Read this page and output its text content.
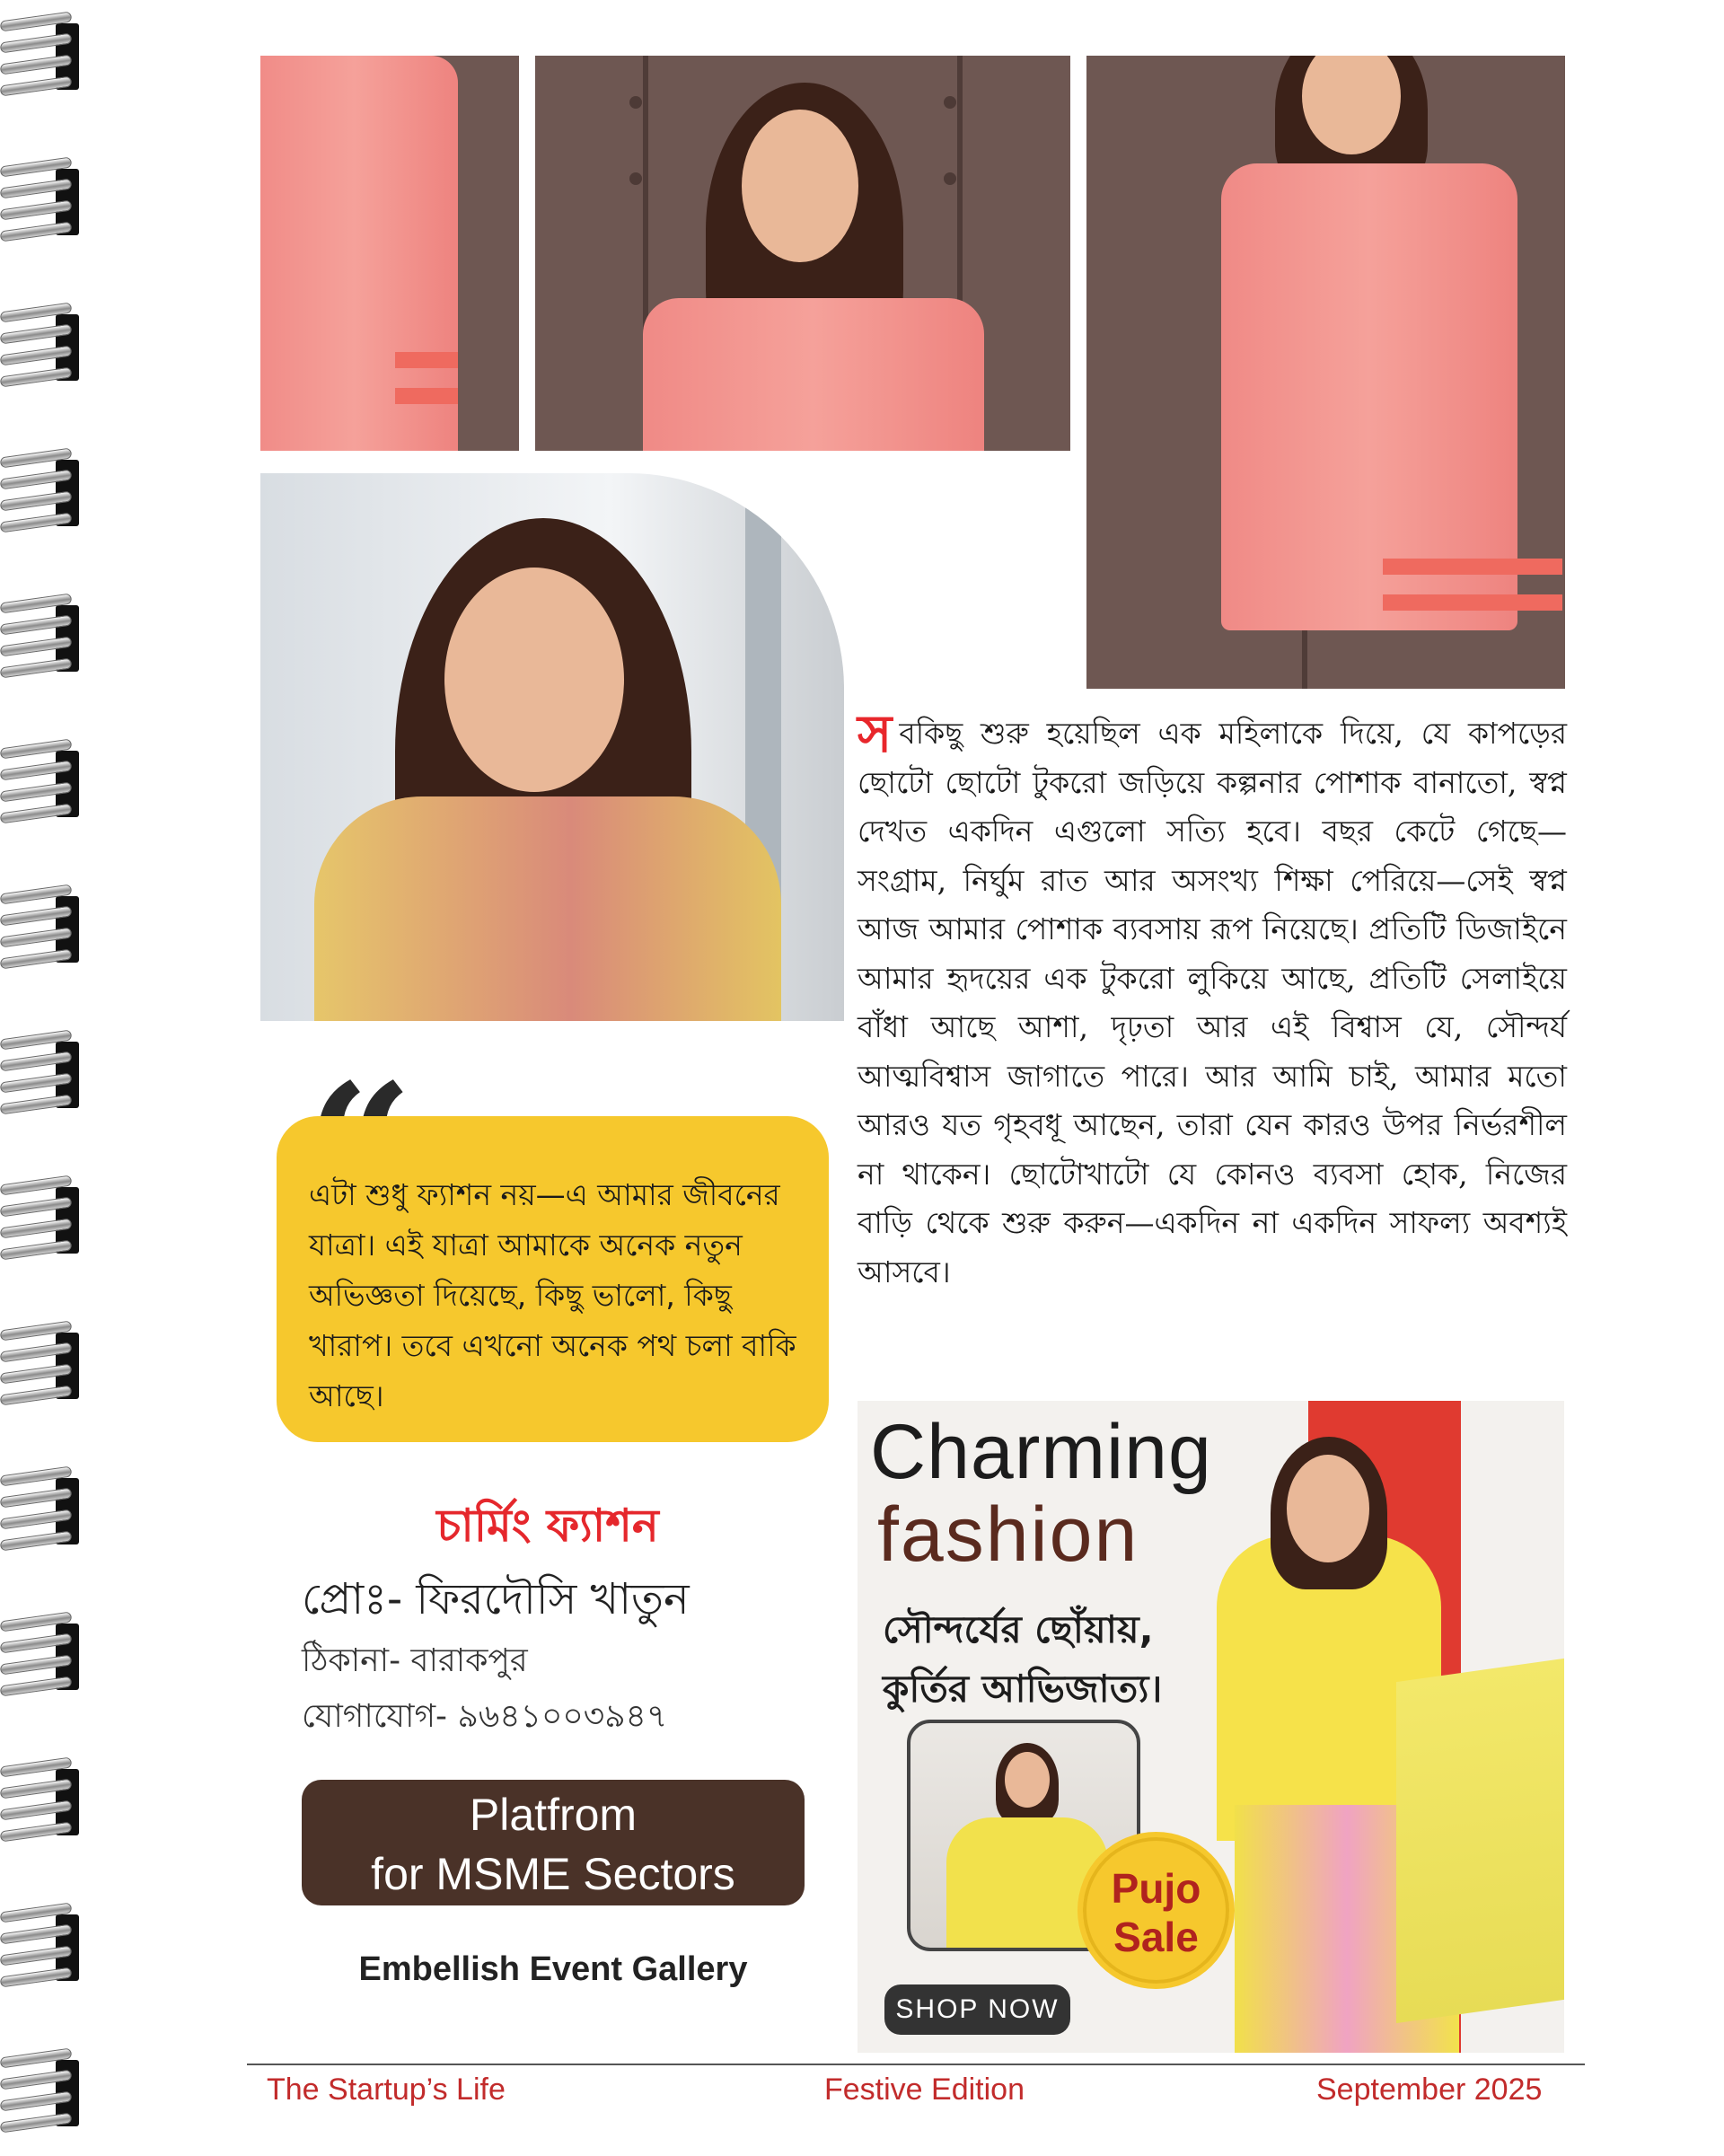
সবকিছু শুরু হয়েছিল এক মহিলাকে দিয়ে, যে কাপড়ের ছোটো ছোটো টুকরো জড়িয়ে কল্পনার পোশাক বানাতো, স্বপ্ন দেখত একদিন এগুলো সত্যি হবে। বছর কেটে গেছে—সংগ্রাম, নির্ঘুম রাত আর অসংখ্য শিক্ষা পেরিয়ে—সেই স্বপ্ন আজ আমার পোশাক ব্যবসায় রূপ নিয়েছে। প্রতিটি ডিজাইনে আমার হৃদয়ের এক টুকরো লুকিয়ে আছে, প্রতিটি সেলাইয়ে বাঁধা আছে আশা, দৃঢ়তা আর এই বিশ্বাস যে, সৌন্দর্য আত্মবিশ্বাস জাগাতে পারে। আর আমি চাই, আমার মতো আরও যত গৃহবধূ আছেন, তারা যেন কারও উপর নির্ভরশীল না থাকেন। ছোটোখাটো যে কোনও ব্যবসা হোক, নিজের বাড়ি থেকে শুরু করুন—একদিন না একদিন সাফল্য অবশ্যই আসবে।
এটা শুধু ফ্যাশন নয়—এ আমার জীবনের যাত্রা। এই যাত্রা আমাকে অনেক নতুন অভিজ্ঞতা দিয়েছে, কিছু ভালো, কিছু খারাপ। তবে এখনো অনেক পথ চলা বাকি আছে।
চার্মিং ফ্যাশন
প্রোঃ- ফিরদৌসি খাতুন
ঠিকানা- বারাকপুর
যোগাযোগ- ৯৬৪১০০৩৯৪৭
Platfrom
for MSME Sectors
Embellish Event Gallery
Charming
fashion
সৌন্দর্যের ছোঁয়ায়,
কুর্তির আভিজাত্য।
Pujo
Sale
SHOP NOW
The Startup’s Life	Festive Edition	September 2025
